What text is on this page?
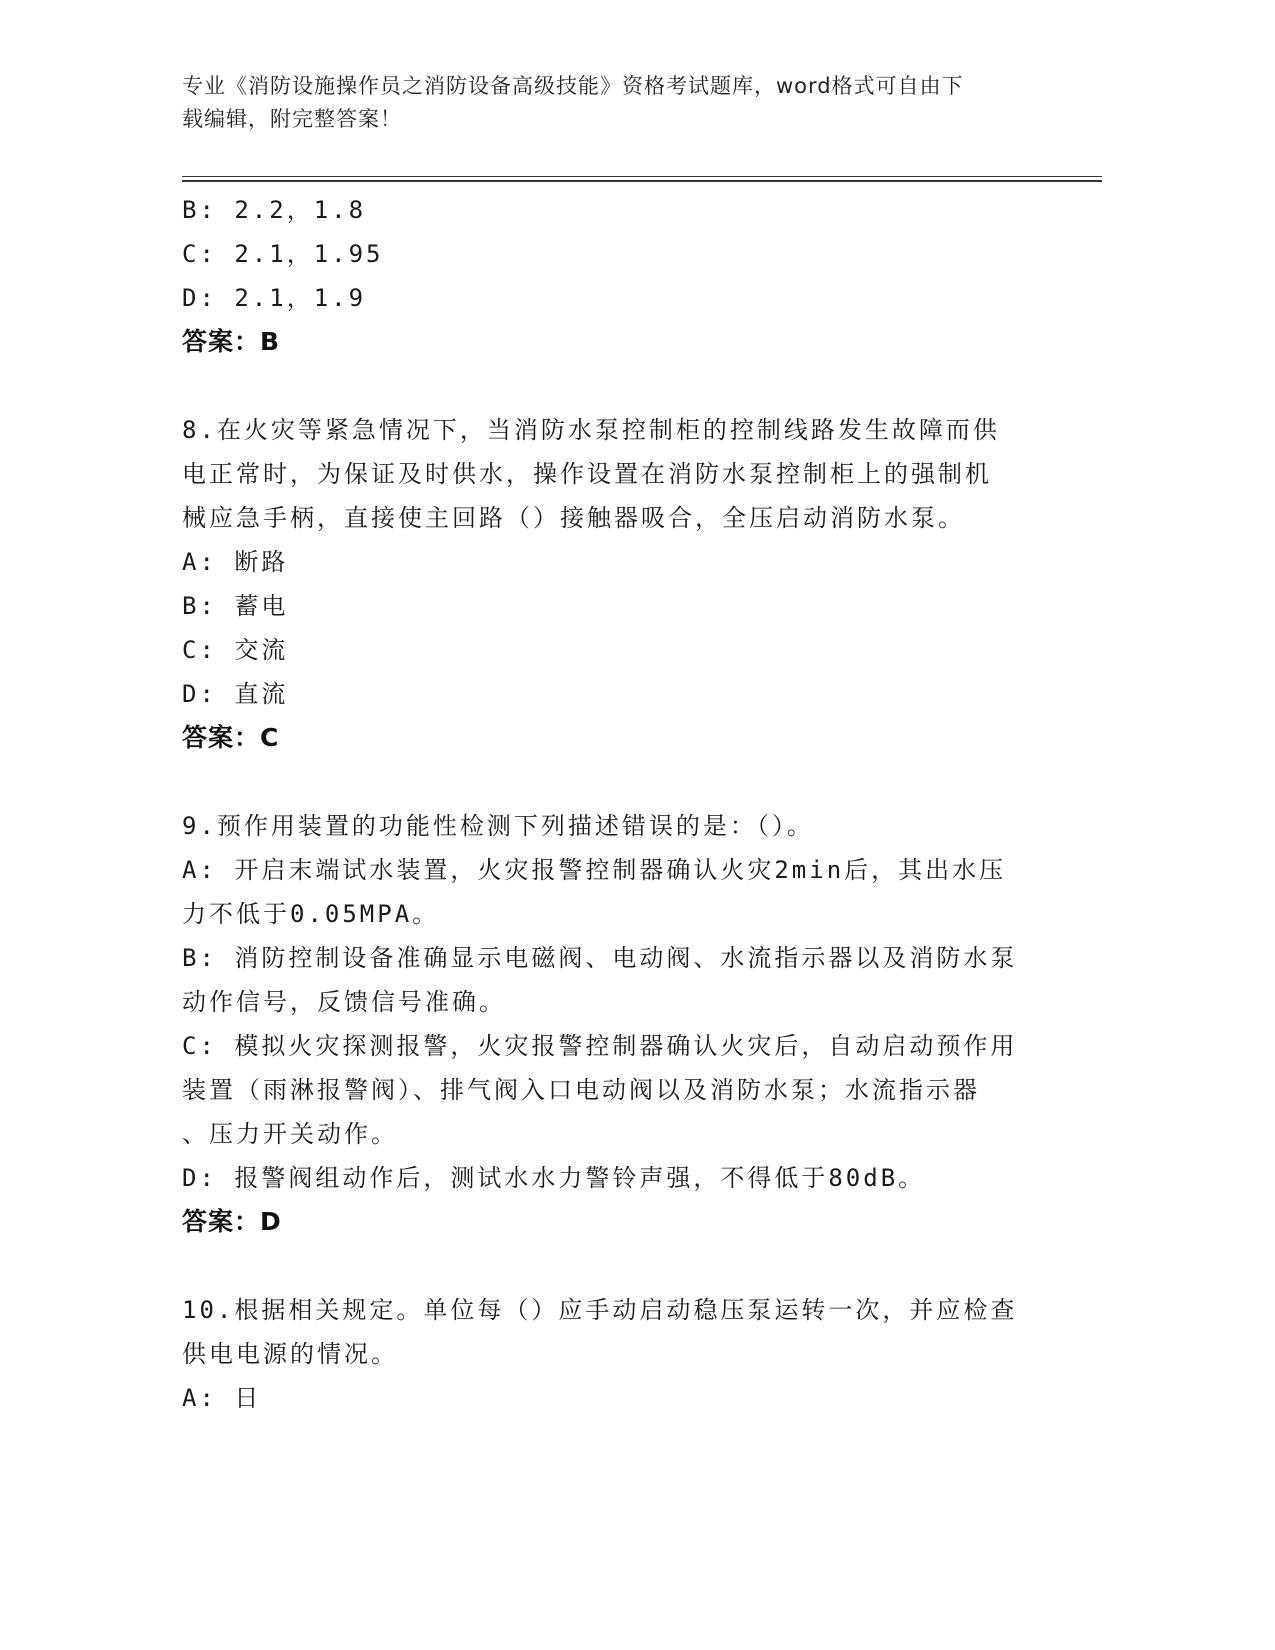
专业《消防设施操作员之消防设备高级技能》资格考试题库，word格式可自由下
载编辑，附完整答案！
B: 2.2，1.8
C: 2.1，1.95
D: 2.1，1.9
答案：B
8.在火灾等紧急情况下，当消防水泵控制柜的控制线路发生故障而供
电正常时，为保证及时供水，操作设置在消防水泵控制柜上的强制机
械应急手柄，直接使主回路（）接触器吸合，全压启动消防水泵。
A: 断路
B: 蓄电
C: 交流
D: 直流
答案：C
9.预作用装置的功能性检测下列描述错误的是：（）。
A: 开启末端试水装置，火灾报警控制器确认火灾2min后，其出水压
力不低于0.05MPA。
B: 消防控制设备准确显示电磁阀、电动阀、水流指示器以及消防水泵
动作信号，反馈信号准确。
C: 模拟火灾探测报警，火灾报警控制器确认火灾后，自动启动预作用
装置（雨淋报警阀）、排气阀入口电动阀以及消防水泵；水流指示器
、压力开关动作。
D: 报警阀组动作后，测试水水力警铃声强，不得低于80dB。
答案：D
10.根据相关规定。单位每（）应手动启动稳压泵运转一次，并应检查
供电电源的情况。
A: 日
